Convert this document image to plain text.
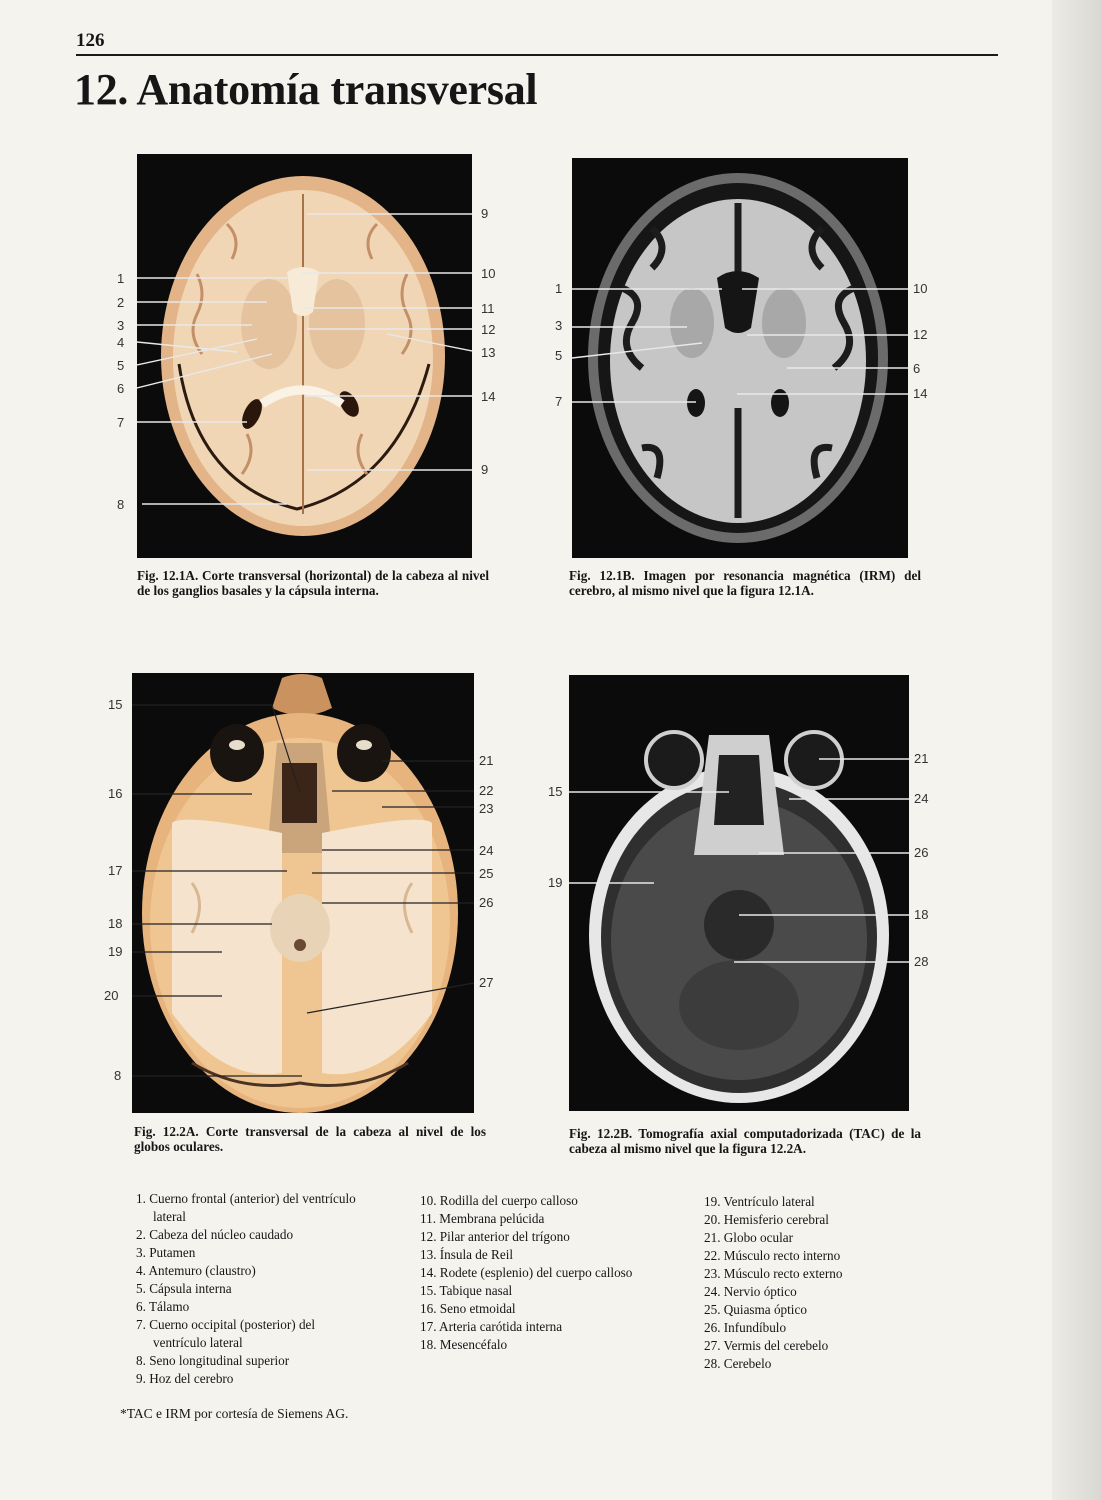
126
12. Anatomía transversal
1
2
3
4
5
6
7
8
9
10
11
12
13
14
9
Fig. 12.1A. Corte transversal (horizontal) de la cabeza al nivel de los ganglios basales y la cápsula interna.
1
3
5
7
10
12
6
14
Fig. 12.1B. Imagen por resonancia magnética (IRM) del cerebro, al mismo nivel que la figura 12.1A.
15
16
17
18
19
20
8
21
22
23
24
25
26
27
Fig. 12.2A. Corte transversal de la cabeza al nivel de los globos oculares.
15
19
21
24
26
18
28
Fig. 12.2B. Tomografía axial computadorizada (TAC) de la cabeza al mismo nivel que la figura 12.2A.
1. Cuerno frontal (anterior) del ventrículo lateral
2. Cabeza del núcleo caudado
3. Putamen
4. Antemuro (claustro)
5. Cápsula interna
6. Tálamo
7. Cuerno occipital (posterior) del ventrículo lateral
8. Seno longitudinal superior
9. Hoz del cerebro
10. Rodilla del cuerpo calloso
11. Membrana pelúcida
12. Pilar anterior del trígono
13. Ínsula de Reil
14. Rodete (esplenio) del cuerpo calloso
15. Tabique nasal
16. Seno etmoidal
17. Arteria carótida interna
18. Mesencéfalo
19. Ventrículo lateral
20. Hemisferio cerebral
21. Globo ocular
22. Músculo recto interno
23. Músculo recto externo
24. Nervio óptico
25. Quiasma óptico
26. Infundíbulo
27. Vermis del cerebelo
28. Cerebelo
*TAC e IRM por cortesía de Siemens AG.
